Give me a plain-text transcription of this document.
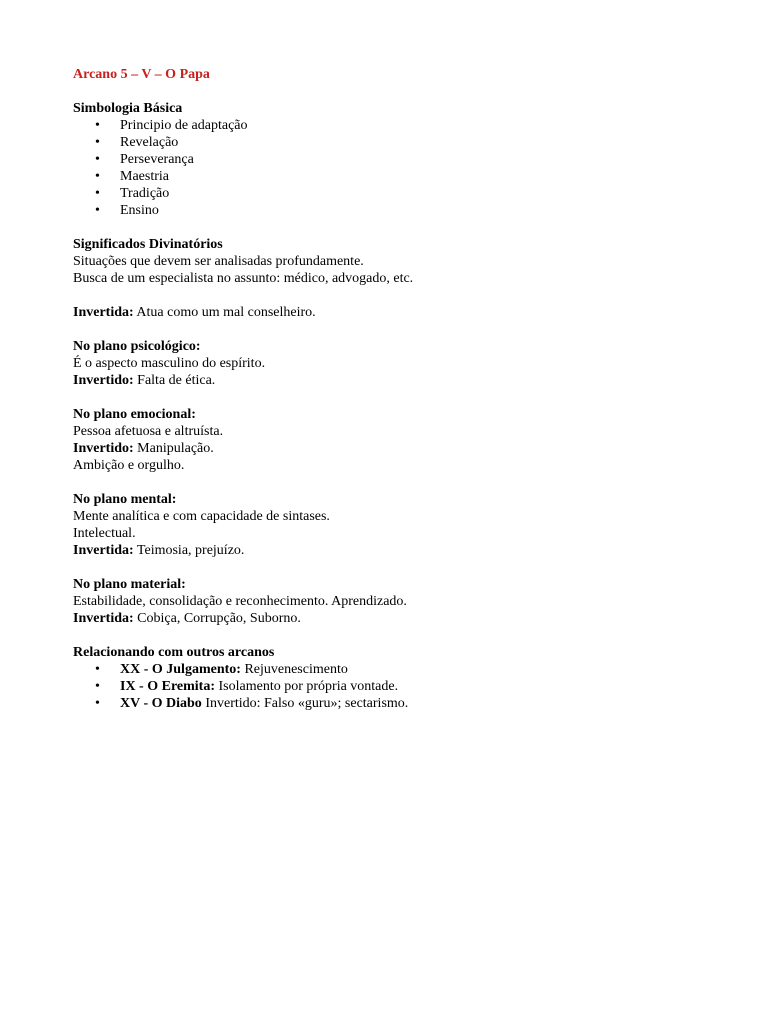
Arcano 5 – V – O Papa
Simbologia Básica
• Principio de adaptação
• Revelação
• Perseverança
• Maestria
• Tradição
• Ensino
Significados Divinatórios
Situações que devem ser analisadas profundamente.
Busca de um especialista no assunto: médico, advogado, etc.
Invertida: Atua como um mal conselheiro.
No plano psicológico:
É o aspecto masculino do espírito.
Invertido: Falta de ética.
No plano emocional:
Pessoa afetuosa e altruísta.
Invertido: Manipulação.
Ambição e orgulho.
No plano mental:
Mente analítica e com capacidade de sintases.
Intelectual.
Invertida: Teimosia, prejuízo.
No plano material:
Estabilidade, consolidação e reconhecimento. Aprendizado.
Invertida: Cobiça, Corrupção, Suborno.
Relacionando com outros arcanos
• XX - O Julgamento: Rejuvenescimento
• IX - O Eremita: Isolamento por própria vontade.
• XV - O Diabo Invertido: Falso «guru»; sectarismo.
